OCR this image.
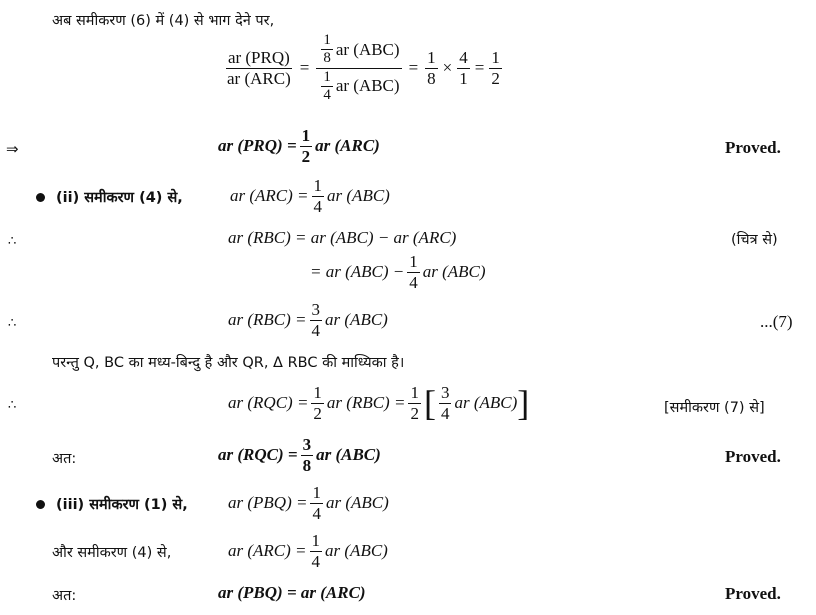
अब समीकरण (6) में (4) से भाग देने पर,
$\frac{\text{ar (PRQ)}}{\text{ar (ARC)}} = \frac{\frac{1}{8} ar (ABC)}{\frac{1}{4} ar (ABC)} = \frac{1}{8} \times \frac{4}{1} = \frac{1}{2}$
⇒	ar $(PRQ) = \frac{1}{2}$ ar (ARC)	Proved.
(ii) समीकरण (4) से,	ar $(ARC) = \frac{1}{4}$ ar (ABC)
∴	ar (RBC) = ar (ABC) − ar (ARC)	(चित्र से)
= ar $(ABC) - \frac{1}{4}$ ar (ABC)
∴	ar $(RBC) = \frac{3}{4}$ ar (ABC)	...(7)
परन्तु Q, BC का मध्य-बिन्दु है और QR, Δ RBC की माध्यिका है।
∴	ar $(RQC) = \frac{1}{2}$ ar $(RBC) = \frac{1}{2}$ [ $\frac{3}{4}$ ar (ABC) ]	[समीकरण (7) से]
अत:	ar $(RQC) = \frac{3}{8}$ ar (ABC)	Proved.
(iii) समीकरण (1) से, ar $(PBQ) = \frac{1}{4}$ ar (ABC)
और समीकरण (4) से,	ar $(ARC) = \frac{1}{4}$ ar (ABC)
अत:	ar (PBQ) = ar (ARC)	Proved.
